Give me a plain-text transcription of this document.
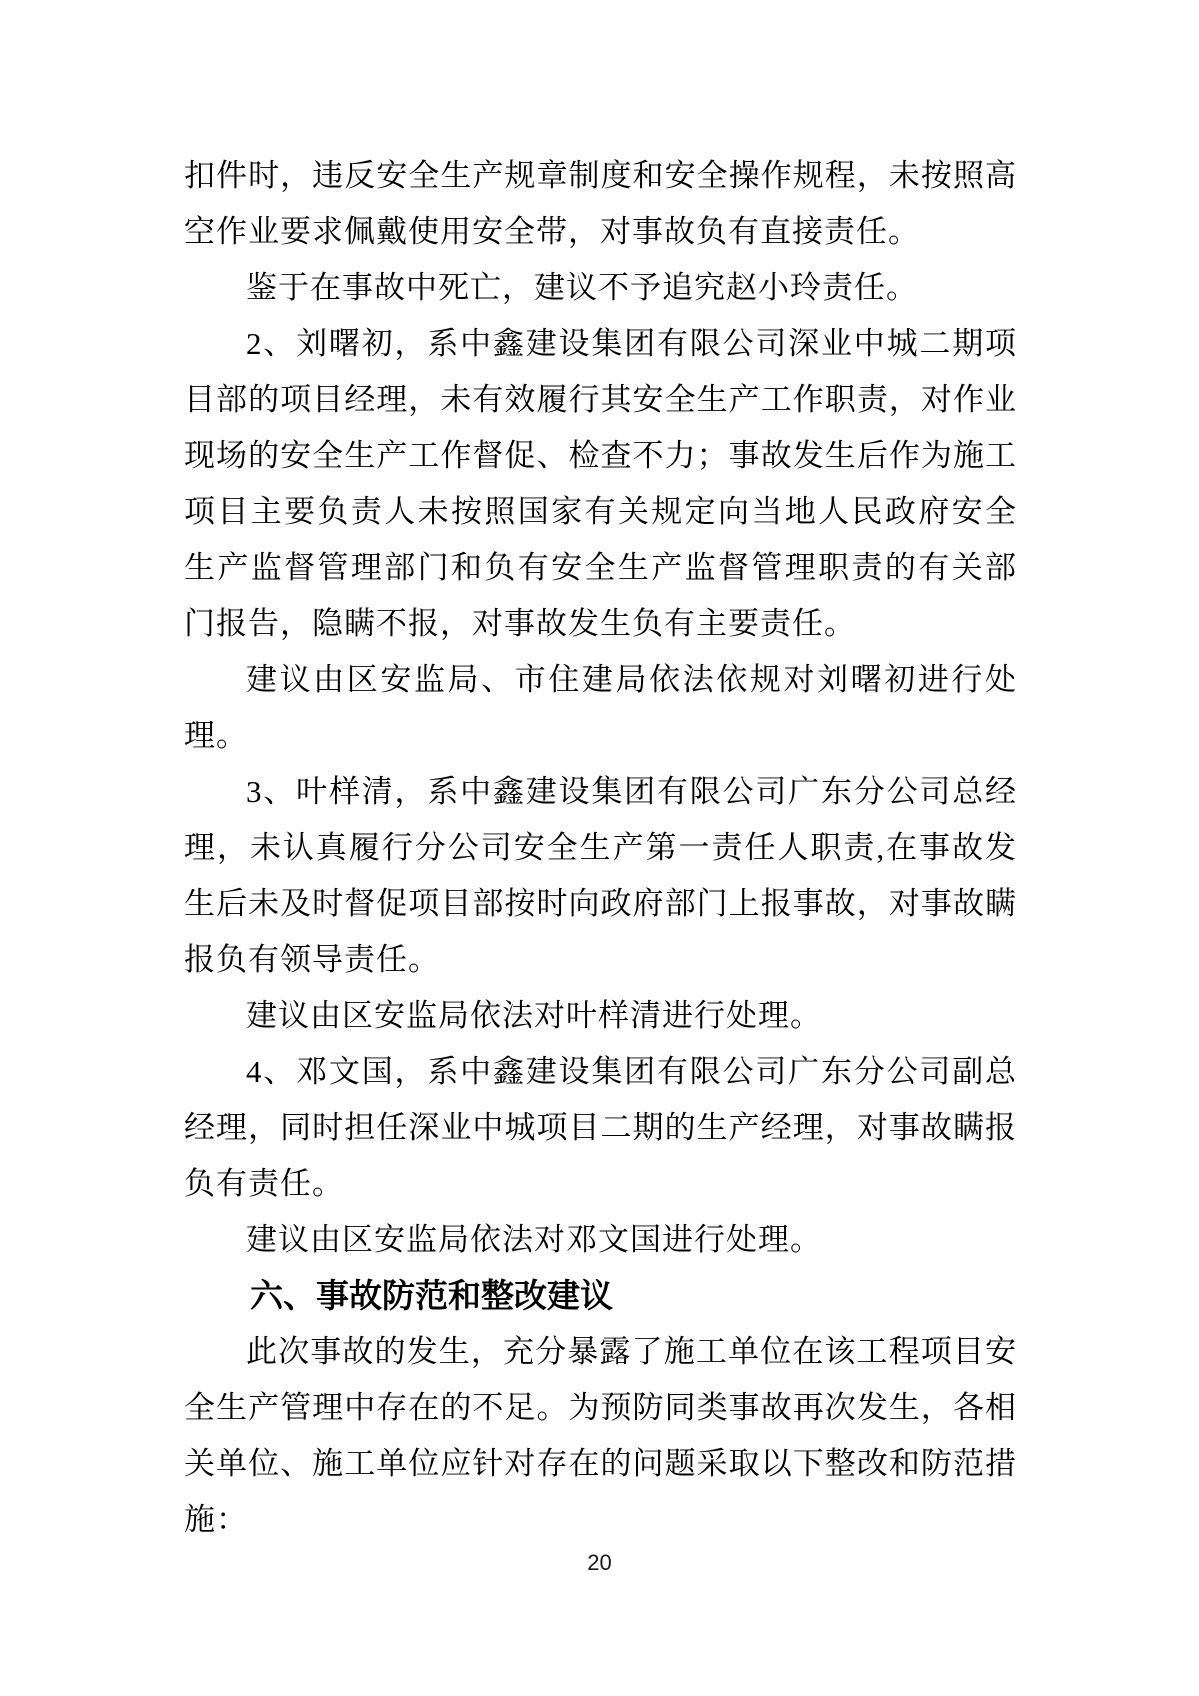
扣件时，违反安全生产规章制度和安全操作规程，未按照高

空作业要求佩戴使用安全带，对事故负有直接责任。

鉴于在事故中死亡，建议不予追究赵小玲责任。

2、刘曙初，系中鑫建设集团有限公司深业中城二期项

目部的项目经理，未有效履行其安全生产工作职责，对作业

现场的安全生产工作督促、检查不力；事故发生后作为施工

项目主要负责人未按照国家有关规定向当地人民政府安全

生产监督管理部门和负有安全生产监督管理职责的有关部

门报告，隐瞒不报，对事故发生负有主要责任。

建议由区安监局、市住建局依法依规对刘曙初进行处

理。

3、叶样清，系中鑫建设集团有限公司广东分公司总经

理，未认真履行分公司安全生产第一责任人职责,在事故发

生后未及时督促项目部按时向政府部门上报事故，对事故瞒

报负有领导责任。

建议由区安监局依法对叶样清进行处理。

4、邓文国，系中鑫建设集团有限公司广东分公司副总

经理，同时担任深业中城项目二期的生产经理，对事故瞒报

负有责任。

建议由区安监局依法对邓文国进行处理。

六、事故防范和整改建议

此次事故的发生，充分暴露了施工单位在该工程项目安

全生产管理中存在的不足。为预防同类事故再次发生，各相

关单位、施工单位应针对存在的问题采取以下整改和防范措

施：

20
